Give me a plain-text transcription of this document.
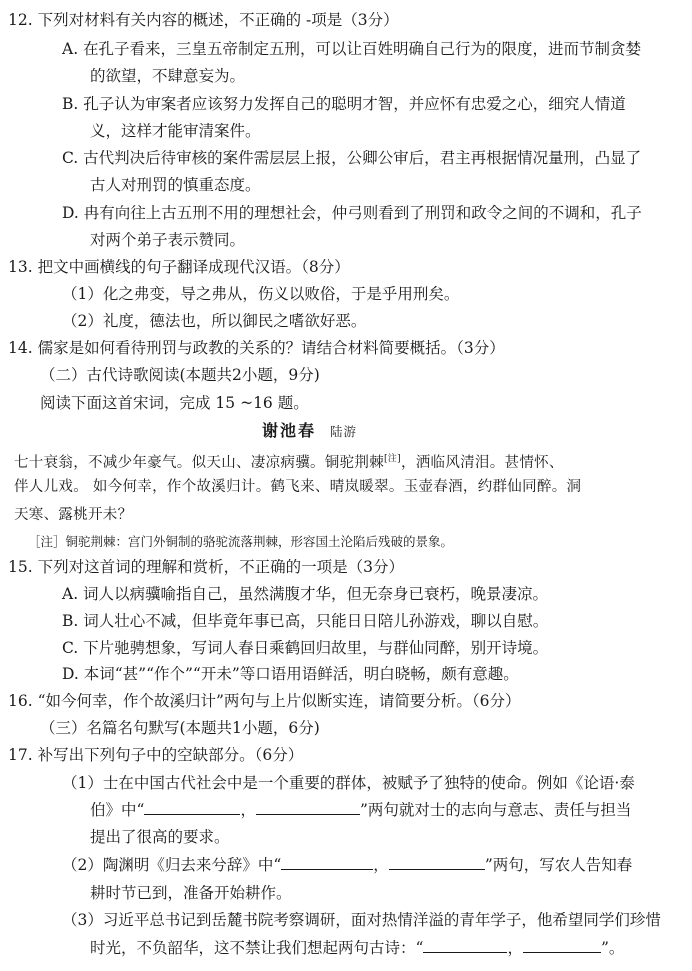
12. 下列对材料有关内容的概述，不正确的 -项是（3分）
A. 在孔子看来，三皇五帝制定五刑，可以让百姓明确自己行为的限度，进而节制贪婪
的欲望，不肆意妄为。
B. 孔子认为审案者应该努力发挥自己的聪明才智，并应怀有忠爱之心，细究人情道
义，这样才能审清案件。
C. 古代判决后待审核的案件需层层上报，公卿公审后，君主再根据情况量刑，凸显了
古人对刑罚的慎重态度。
D. 冉有向往上古五刑不用的理想社会，仲弓则看到了刑罚和政令之间的不调和，孔子
对两个弟子表示赞同。
13. 把文中画横线的句子翻译成现代汉语。（8分）
（1）化之弗变，导之弗从，伤义以败俗，于是乎用刑矣。
（2）礼度，德法也，所以御民之嗜欲好恶。
14. 儒家是如何看待刑罚与政教的关系的？请结合材料简要概括。（3分）
（二）古代诗歌阅读(本题共2小题，9分)
阅读下面这首宋词，完成 15 ~16 题。
谢池春 陆游
七十衰翁，不减少年豪气。似天山、凄凉病骥。铜驼荆棘[注]，洒临风清泪。甚情怀、
伴人儿戏。 如今何幸，作个故溪归计。鹤飞来、晴岚暖翠。玉壶春酒，约群仙同醉。洞
天寒、露桃开未？
［注］铜驼荆棘：宫门外铜制的骆驼流落荆棘，形容国土沦陷后残破的景象。
15. 下列对这首词的理解和赏析，不正确的一项是（3分）
A. 词人以病骥喻指自己，虽然满腹才华，但无奈身已衰朽，晚景凄凉。
B. 词人壮心不减，但毕竟年事已高，只能日日陪儿孙游戏，聊以自慰。
C. 下片驰骋想象，写词人春日乘鹤回归故里，与群仙同醉，别开诗境。
D. 本词“甚”“作个”“开未”等口语用语鲜活，明白晓畅，颇有意趣。
16. “如今何幸，作个故溪归计”两句与上片似断实连，请简要分析。（6分）
（三）名篇名句默写(本题共1小题，6分)
17. 补写出下列句子中的空缺部分。（6分）
（1）士在中国古代社会中是一个重要的群体，被赋予了独特的使命。例如《论语·泰
伯》中“	，	”两句就对士的志向与意志、责任与担当
提出了很高的要求。
（2）陶渊明《归去来兮辞》中“	，	”两句，写农人告知春
耕时节已到，准备开始耕作。
（3）习近平总书记到岳麓书院考察调研，面对热情洋溢的青年学子，他希望同学们珍惜
时光，不负韶华，这不禁让我们想起两句古诗：“	，	”。
